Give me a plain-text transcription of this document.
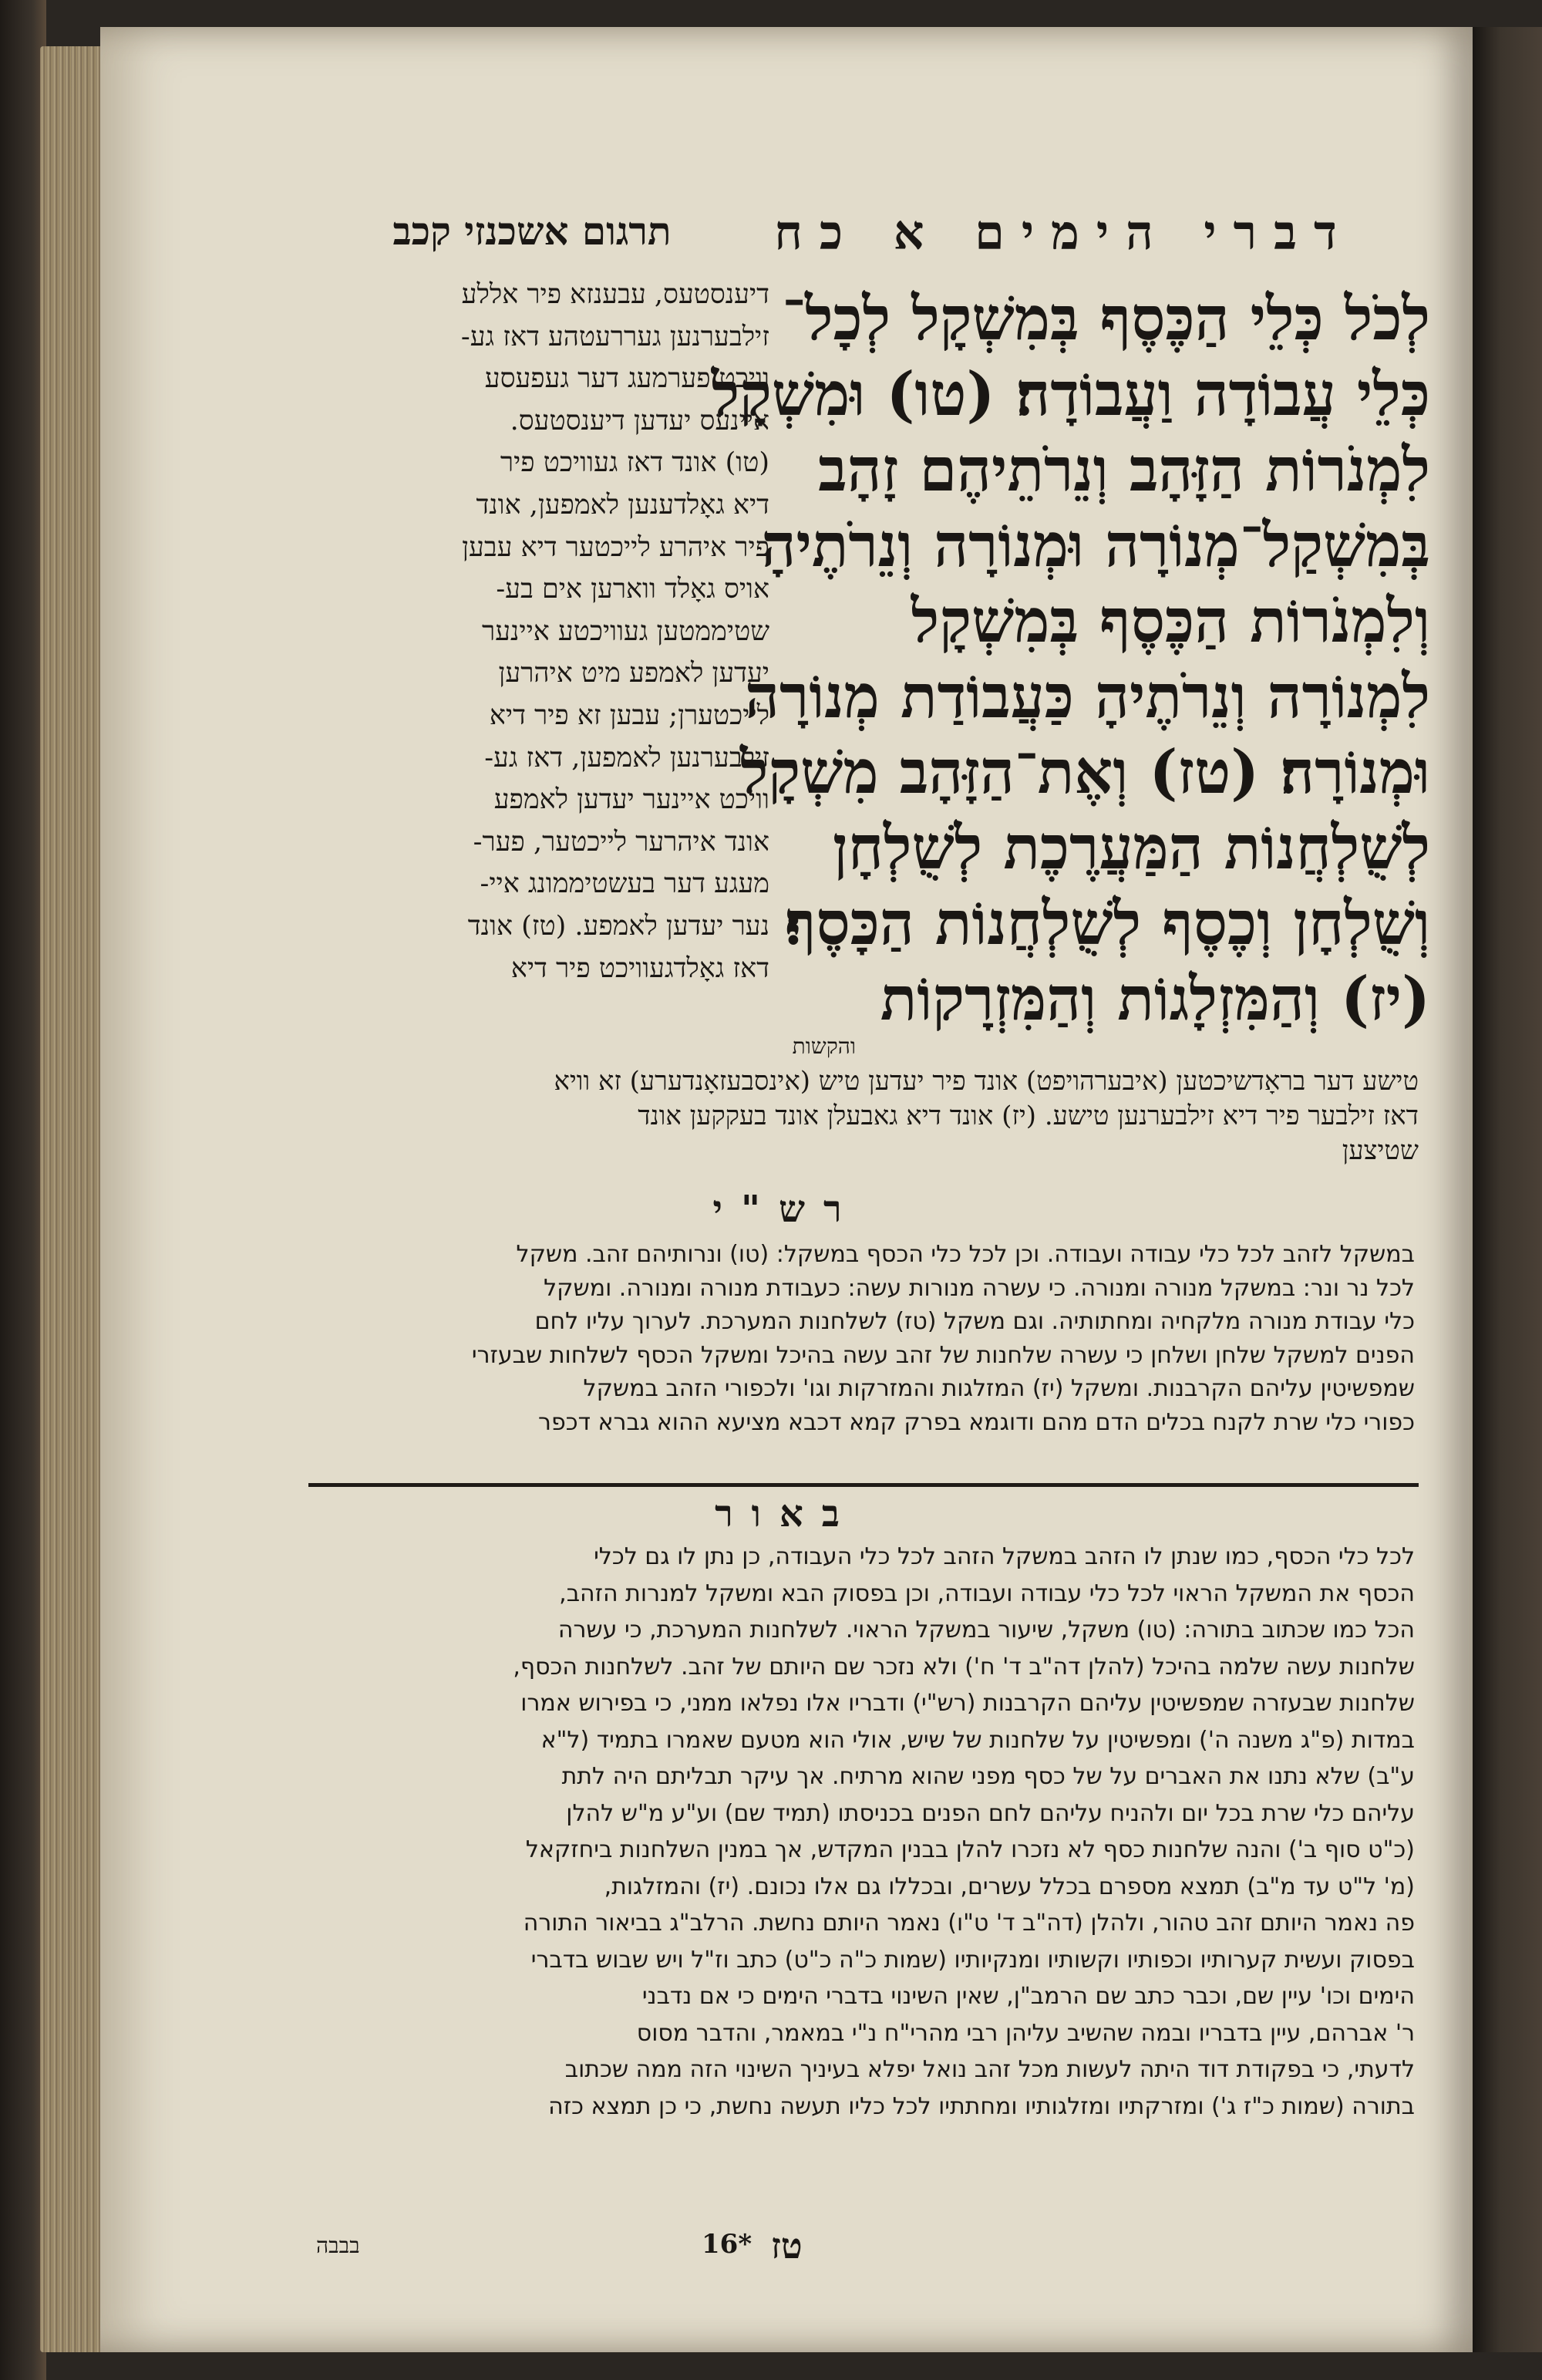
דברי הימים א כח
תרגום אשכנזי קכב
לְכֹל כְּלֵי הַכֶּסֶף בְּמִשְׁקָל לְכָל־
כְּלֵי עֲבוֹדָה וַעֲבוֹדָה׃ (טו) וּמִשְׁקָל
לִמְנֹרוֹת הַזָּהָב וְנֵרֹתֵיהֶם זָהָב
בְּמִשְׁקַל־מְנוֹרָה וּמְנוֹרָה וְנֵרֹתֶיהָ
וְלִמְנֹרוֹת הַכֶּסֶף בְּמִשְׁקָל
לִמְנוֹרָה וְנֵרֹתֶיהָ כַּעֲבוֹדַת מְנוֹרָה
וּמְנוֹרָה׃ (טז) וְאֶת־הַזָּהָב מִשְׁקָל
לְשֻׁלְחֲנוֹת הַמַּעֲרֶכֶת לְשֻׁלְחָן
וְשֻׁלְחָן וְכֶסֶף לְשֻׁלְחֲנוֹת הַכָּסֶף׃
(יז) וְהַמִּזְלָגוֹת וְהַמִּזְרָקוֹת
והקשות
דיענסטעס, עבענזא פיר אללע
זילבערנען געררעטהע דאז גע-
וויכט פערמעג דער געפעסע
איינעס יעדען דיענסטעס.
(טו) אונד דאז געוויכט פיר
דיא גאָלדענען לאמפען, אונד
פיר איהרע לייכטער דיא עבען
אויס גאָלד ווארען אים בע-
שטיממטען געוויכטע איינער
יעדען לאמפע מיט איהרען
לייכטערן; עבען זא פיר דיא
זילבערנען לאמפען, דאז גע-
וויכט איינער יעדען לאמפע
אונד איהרער לייכטער, פער-
מעגע דער בעשטיממונג איי-
נער יעדען לאמפע. (טז) אונד
דאז גאָלדגעוויכט פיר דיא
טישע דער בראָדשיכטען (איבערהויפט) אונד פיר יעדען טיש (אינסבעזאָנדערע) זא וויא
דאז זילבער פיר דיא זילבערנען טישע. (יז) אונד דיא גאבעלן אונד בעקקען אונד
שטיצען
רש"י
במשקל לזהב לכל כלי עבודה ועבודה. וכן לכל כלי הכסף במשקל: (טו) ונרותיהם זהב. משקל
לכל נר ונר: במשקל מנורה ומנורה. כי עשרה מנורות עשה: כעבודת מנורה ומנורה. ומשקל
כלי עבודת מנורה מלקחיה ומחתותיה. וגם משקל (טז) לשלחנות המערכת. לערוך עליו לחם
הפנים למשקל שלחן ושלחן כי עשרה שלחנות של זהב עשה בהיכל ומשקל הכסף לשלחות שבעזרי
שמפשיטין עליהם הקרבנות. ומשקל (יז) המזלגות והמזרקות וגו' ולכפורי הזהב במשקל
כפורי כלי שרת לקנח בכלים הדם מהם ודוגמא בפרק קמא דכבא מציעא ההוא גברא דכפר
באור
לכל כלי הכסף, כמו שנתן לו הזהב במשקל הזהב לכל כלי העבודה, כן נתן לו גם לכלי
הכסף את המשקל הראוי לכל כלי עבודה ועבודה, וכן בפסוק הבא ומשקל למנרות הזהב,
הכל כמו שכתוב בתורה: (טו) משקל, שיעור במשקל הראוי. לשלחנות המערכת, כי עשרה
שלחנות עשה שלמה בהיכל (להלן דה"ב ד' ח') ולא נזכר שם היותם של זהב. לשלחנות הכסף,
שלחנות שבעזרה שמפשיטין עליהם הקרבנות (רש"י) ודבריו אלו נפלאו ממני, כי בפירוש אמרו
במדות (פ"ג משנה ה') ומפשיטין על שלחנות של שיש, אולי הוא מטעם שאמרו בתמיד (ל"א
ע"ב) שלא נתנו את האברים על של כסף מפני שהוא מרתיח. אך עיקר תבליתם היה לתת
עליהם כלי שרת בכל יום ולהניח עליהם לחם הפנים בכניסתו (תמיד שם) וע"ע מ"ש להלן
(כ"ט סוף ב') והנה שלחנות כסף לא נזכרו להלן בבנין המקדש, אך במנין השלחנות ביחזקאל
(מ' ל"ט עד מ"ב) תמצא מספרם בכלל עשרים, ובכללו גם אלו נכונם. (יז) והמזלגות,
פה נאמר היותם זהב טהור, ולהלן (דה"ב ד' ט"ו) נאמר היותם נחשת. הרלב"ג בביאור התורה
בפסוק ועשית קערותיו וכפותיו וקשותיו ומנקיותיו (שמות כ"ה כ"ט) כתב וז"ל ויש שבוש בדברי
הימים וכו' עיין שם, וכבר כתב שם הרמב"ן, שאין השינוי בדברי הימים כי אם נדבני
ר' אברהם, עיין בדבריו ובמה שהשיב עליהן רבי מהרי"ח נ"י במאמר, והדבר מסוס
לדעתי, כי בפקודת דוד היתה לעשות מכל זהב נואל יפלא בעיניך השינוי הזה ממה שכתוב
בתורה (שמות כ"ז ג') ומזרקתיו ומזלגותיו ומחתתיו לכל כליו תעשה נחשת, כי כן תמצא כזה
בבבה	16* טז
